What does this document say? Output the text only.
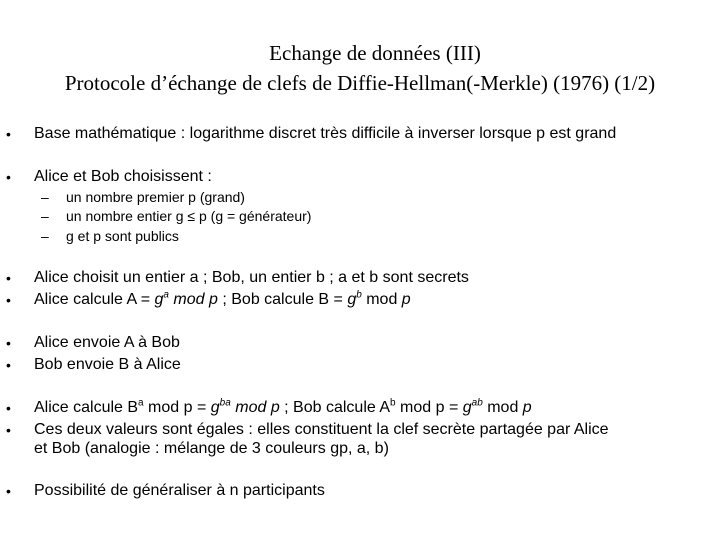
Echange de données (III)
Protocole d’échange de clefs de Diffie-Hellman(-Merkle) (1976) (1/2)
• Base mathématique : logarithme discret très difficile à inverser lorsque p est grand
• Alice et Bob choisissent :
– un nombre premier p (grand)
– un nombre entier g ≤ p (g = générateur)
– g et p sont publics
• Alice choisit un entier a ; Bob, un entier b ; a et b sont secrets
• Alice calcule $A = g^a$ mod p ; Bob calcule $B = g^b$ mod p
• Alice envoie A à Bob
• Bob envoie B à Alice
• Alice calcule $B^a$ mod $p = g^{ba}$ mod p ; Bob calcule $A^b$ mod $p = g^{ab}$ mod p
• Ces deux valeurs sont égales : elles constituent la clef secrète partagée par Alice
et Bob (analogie : mélange de 3 couleurs gp, a, b)
• Possibilité de généraliser à n participants
